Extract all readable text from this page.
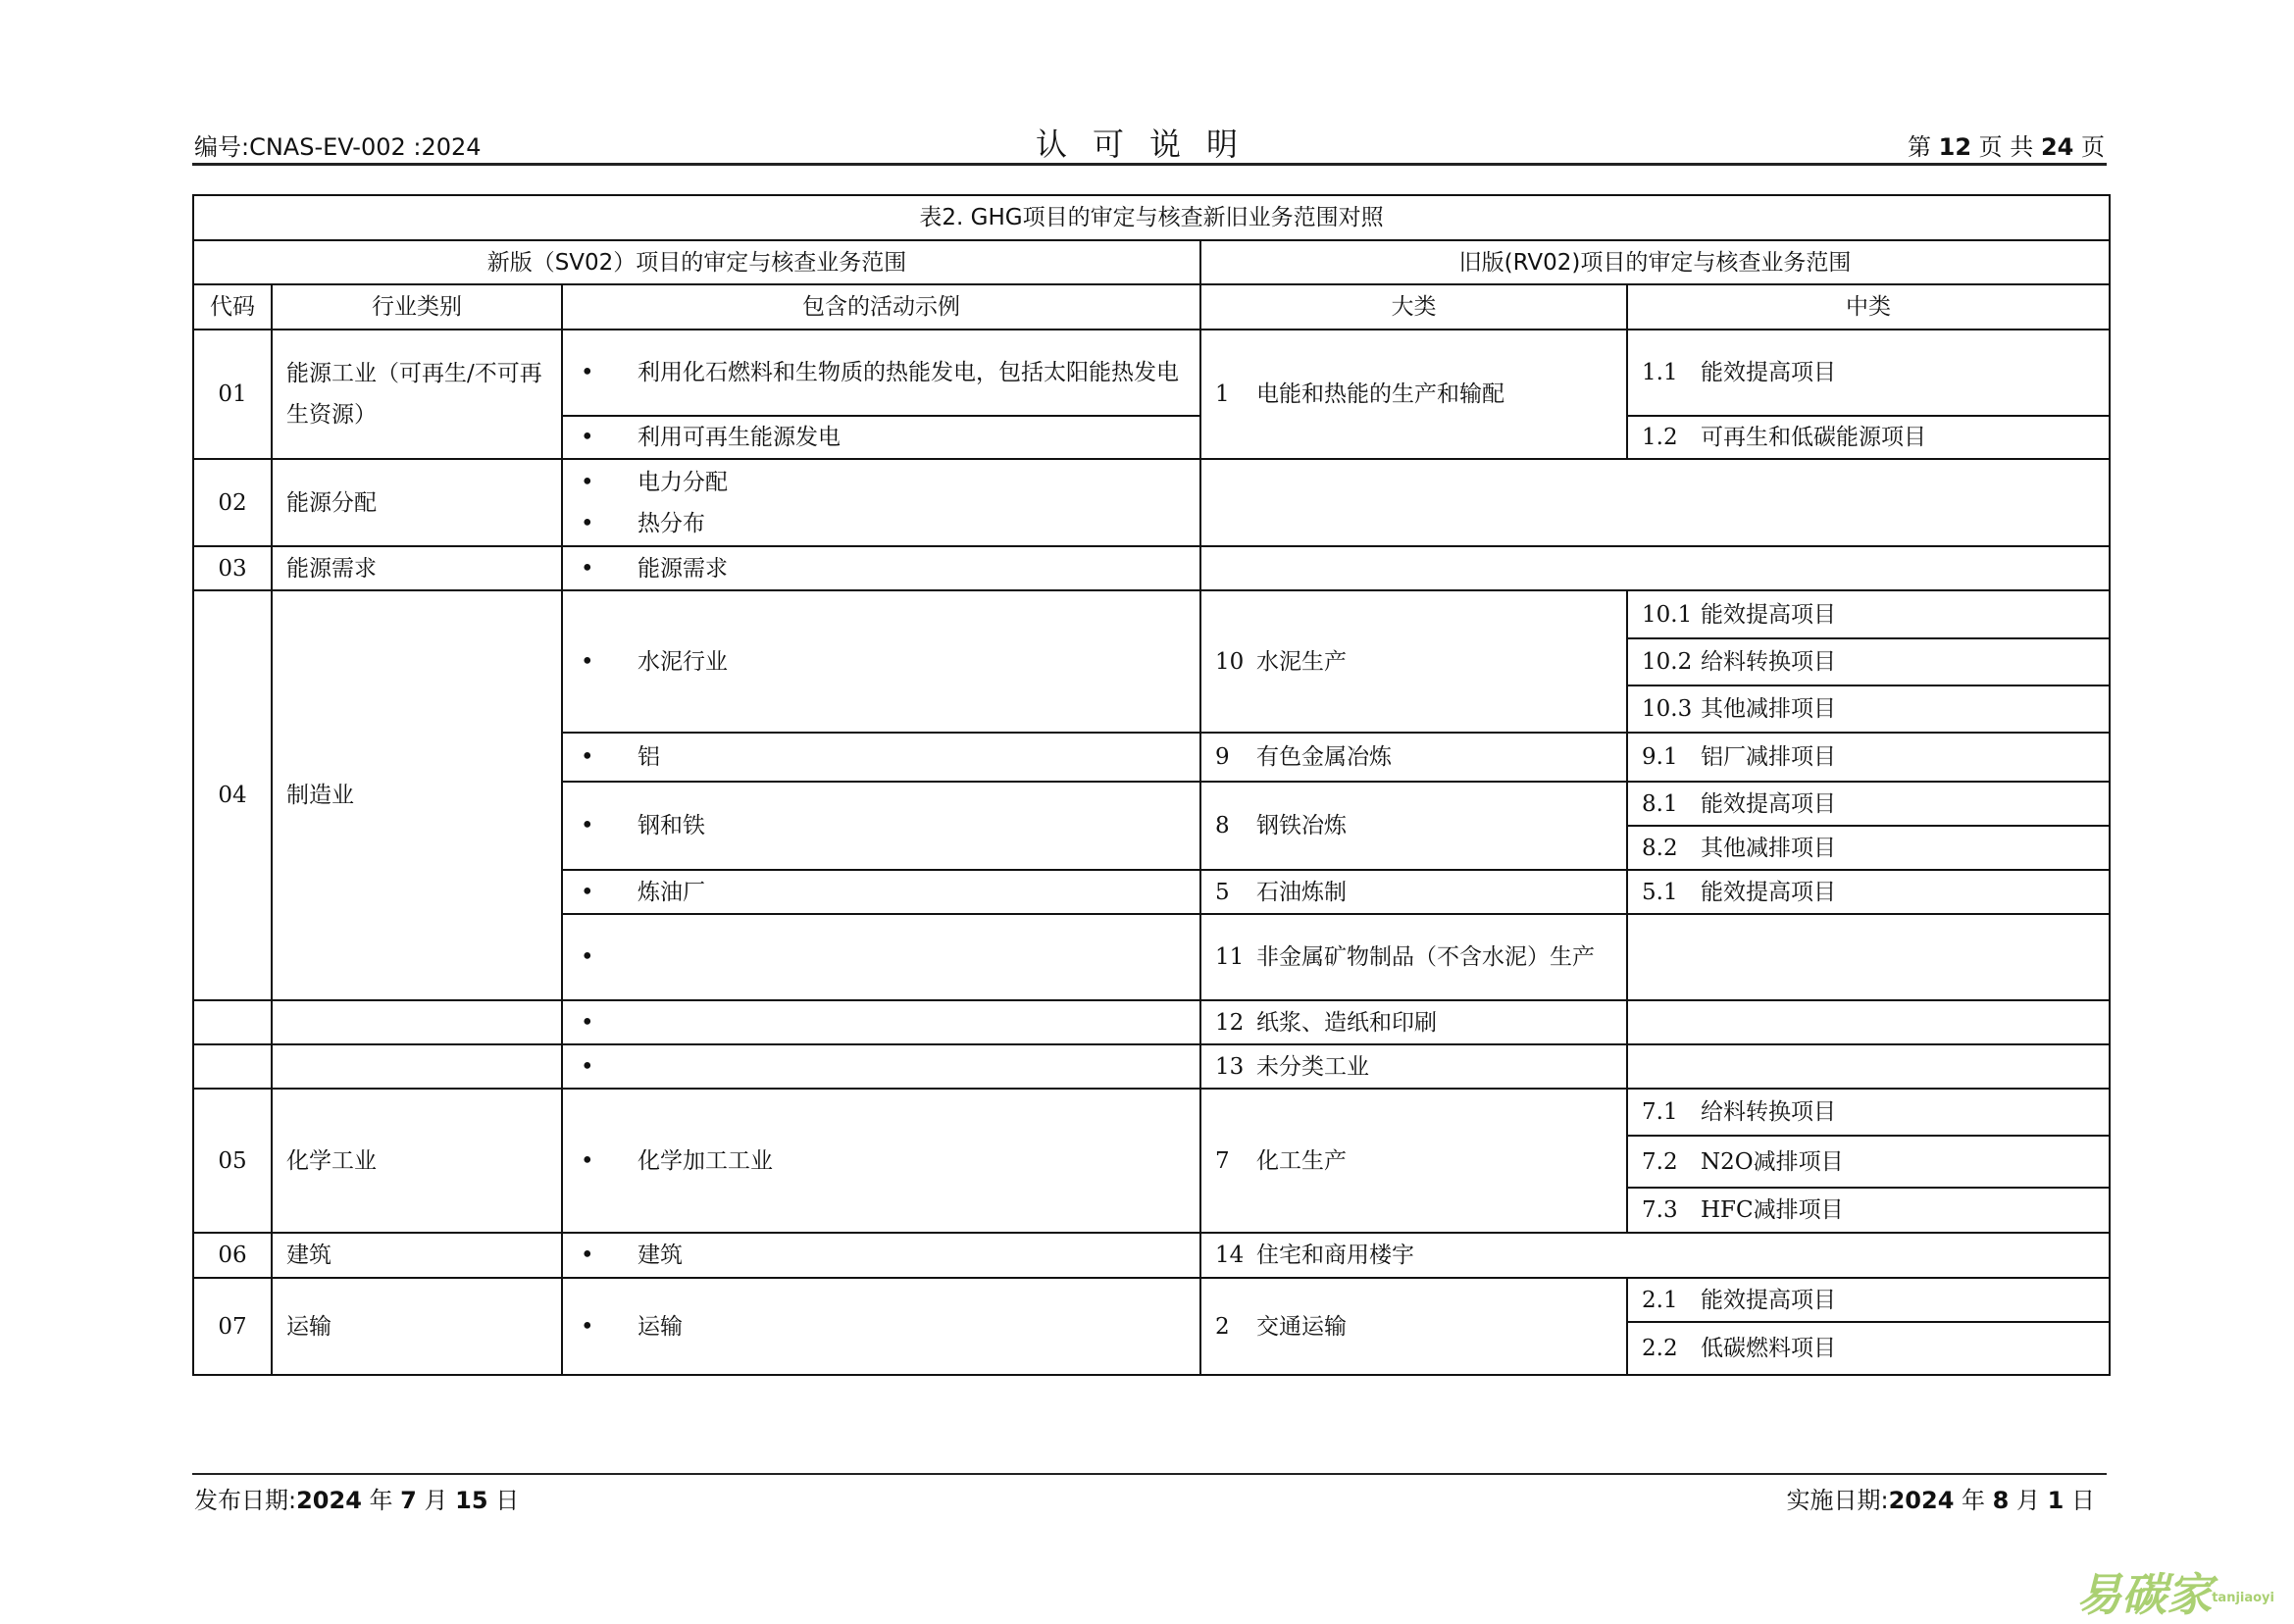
编号:CNAS-EV-002 :2024	认可说明	第 12 页 共 24 页
表2. GHG项目的审定与核查新旧业务范围对照				
新版（SV02）项目的审定与核查业务范围			旧版(RV02)项目的审定与核查业务范围	
代码	行业类别	包含的活动示例	大类	中类
01	能源工业（可再生/不可再生资源）	• 利用化石燃料和生物质的热能发电，包括太阳能热发电	1 电能和热能的生产和输配	1.1 能效提高项目

		• 利用可再生能源发电		1.2 可再生和低碳能源项目
02	能源分配	• 电力分配
• 热分布		

03	能源需求	• 能源需求		

04	制造业	• 水泥行业	10 水泥生产	10.1 能效提高项目
				10.2 给料转换项目
				10.3 其他减排项目

		• 铝	9 有色金属冶炼	9.1 铝厂减排项目

		• 钢和铁	8 钢铁冶炼	8.1 能效提高项目
				8.2 其他减排项目

		• 炼油厂	5 石油炼制	5.1 能效提高项目

		•	11 非金属矿物制品（不含水泥）生产	

		•	12 纸浆、造纸和印刷	

		•	13 未分类工业	
05	化学工业	• 化学加工工业	7 化工生产	7.1 给料转换项目
				7.2 N2O减排项目
				7.3 HFC减排项目
06	建筑	• 建筑	14 住宅和商用楼宇	
07	运输	• 运输	2 交通运输	2.1 能效提高项目
				2.2 低碳燃料项目
发布日期:2024 年 7 月 15 日	实施日期:2024 年 8 月 1 日
易碳家tanjiaoyi
